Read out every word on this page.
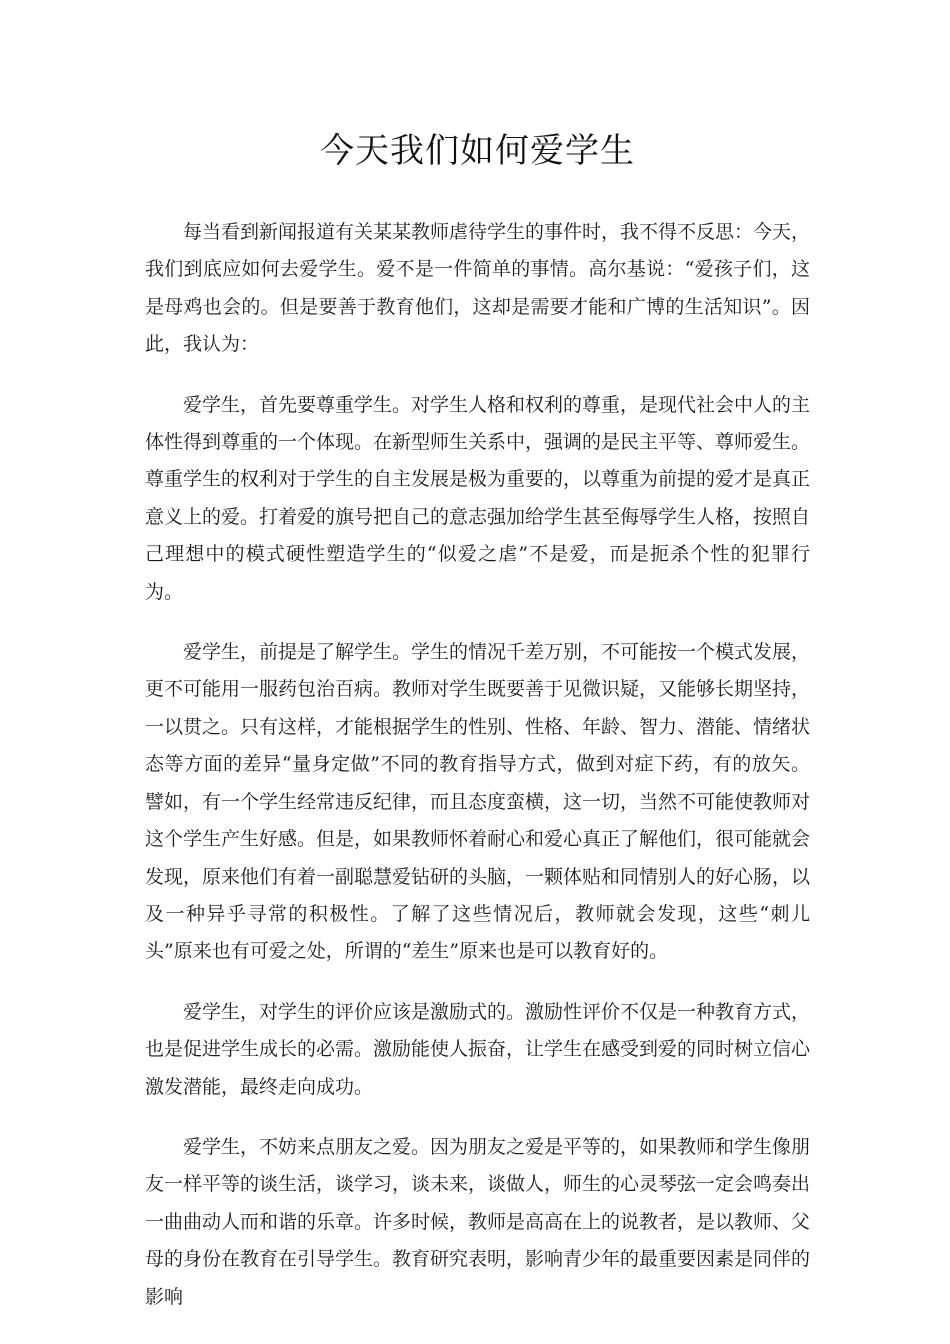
今天我们如何爱学生

每当看到新闻报道有关某某教师虐待学生的事件时，我不得不反思：今天，我们到底应如何去爱学生。爱不是一件简单的事情。高尔基说：“爱孩子们，这是母鸡也会的。但是要善于教育他们，这却是需要才能和广博的生活知识”。因此，我认为：

爱学生，首先要尊重学生。对学生人格和权利的尊重，是现代社会中人的主体性得到尊重的一个体现。在新型师生关系中，强调的是民主平等、尊师爱生。尊重学生的权利对于学生的自主发展是极为重要的，以尊重为前提的爱才是真正意义上的爱。打着爱的旗号把自己的意志强加给学生甚至侮辱学生人格，按照自己理想中的模式硬性塑造学生的“似爱之虐”不是爱，而是扼杀个性的犯罪行为。

爱学生，前提是了解学生。学生的情况千差万别，不可能按一个模式发展，更不可能用一服药包治百病。教师对学生既要善于见微识疑，又能够长期坚持，一以贯之。只有这样，才能根据学生的性别、性格、年龄、智力、潜能、情绪状态等方面的差异“量身定做”不同的教育指导方式，做到对症下药，有的放矢。譬如，有一个学生经常违反纪律，而且态度蛮横，这一切，当然不可能使教师对这个学生产生好感。但是，如果教师怀着耐心和爱心真正了解他们，很可能就会发现，原来他们有着一副聪慧爱钻研的头脑，一颗体贴和同情别人的好心肠，以及一种异乎寻常的积极性。了解了这些情况后，教师就会发现，这些“刺儿头”原来也有可爱之处，所谓的“差生”原来也是可以教育好的。

爱学生，对学生的评价应该是激励式的。激励性评价不仅是一种教育方式，也是促进学生成长的必需。激励能使人振奋，让学生在感受到爱的同时树立信心激发潜能，最终走向成功。

爱学生，不妨来点朋友之爱。因为朋友之爱是平等的，如果教师和学生像朋友一样平等的谈生活，谈学习，谈未来，谈做人，师生的心灵琴弦一定会鸣奏出一曲曲动人而和谐的乐章。许多时候，教师是高高在上的说教者，是以教师、父母的身份在教育在引导学生。教育研究表明，影响青少年的最重要因素是同伴的影响
